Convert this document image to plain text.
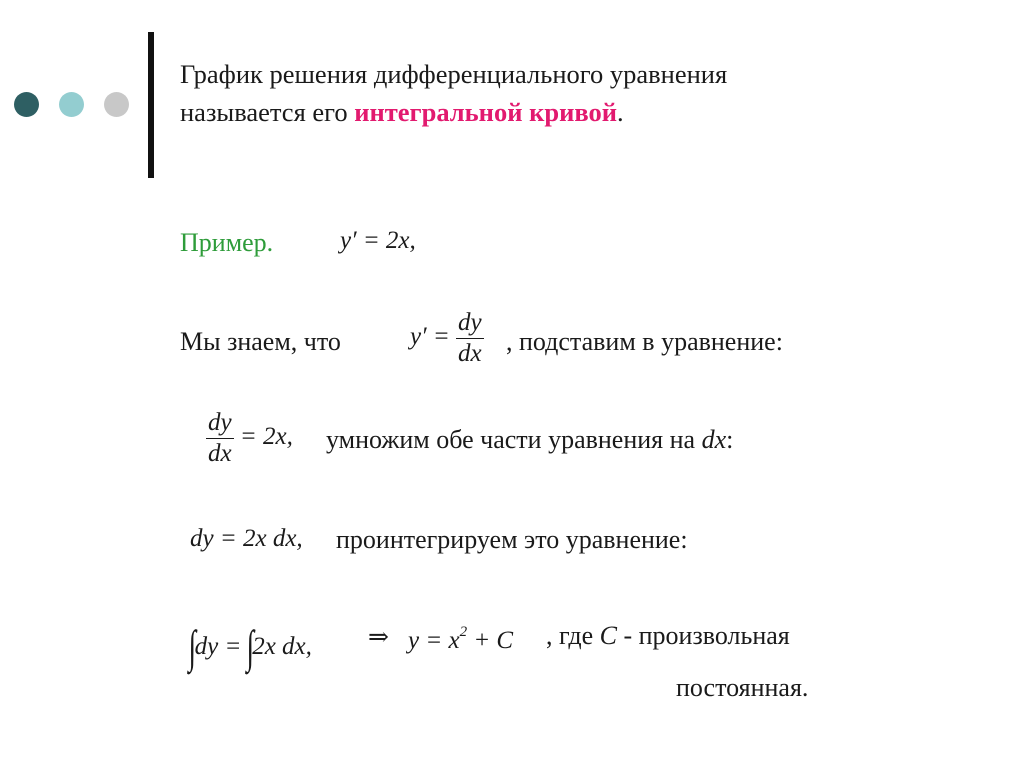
График решения дифференциального уравнения
называется его интегральной кривой.
Пример.	y′ = 2x,
Мы знаем, что	$y' = \frac{dy}{dx}$ , подставим в уравнение:
$\frac{dy}{dx} = 2x$, умножим обе части уравнения на dx:
dy = 2x dx, проинтегрируем это уравнение:
∫dy = ∫2x dx, ⇒ $y = x^2 + C$ , где C - произвольная
постоянная.
